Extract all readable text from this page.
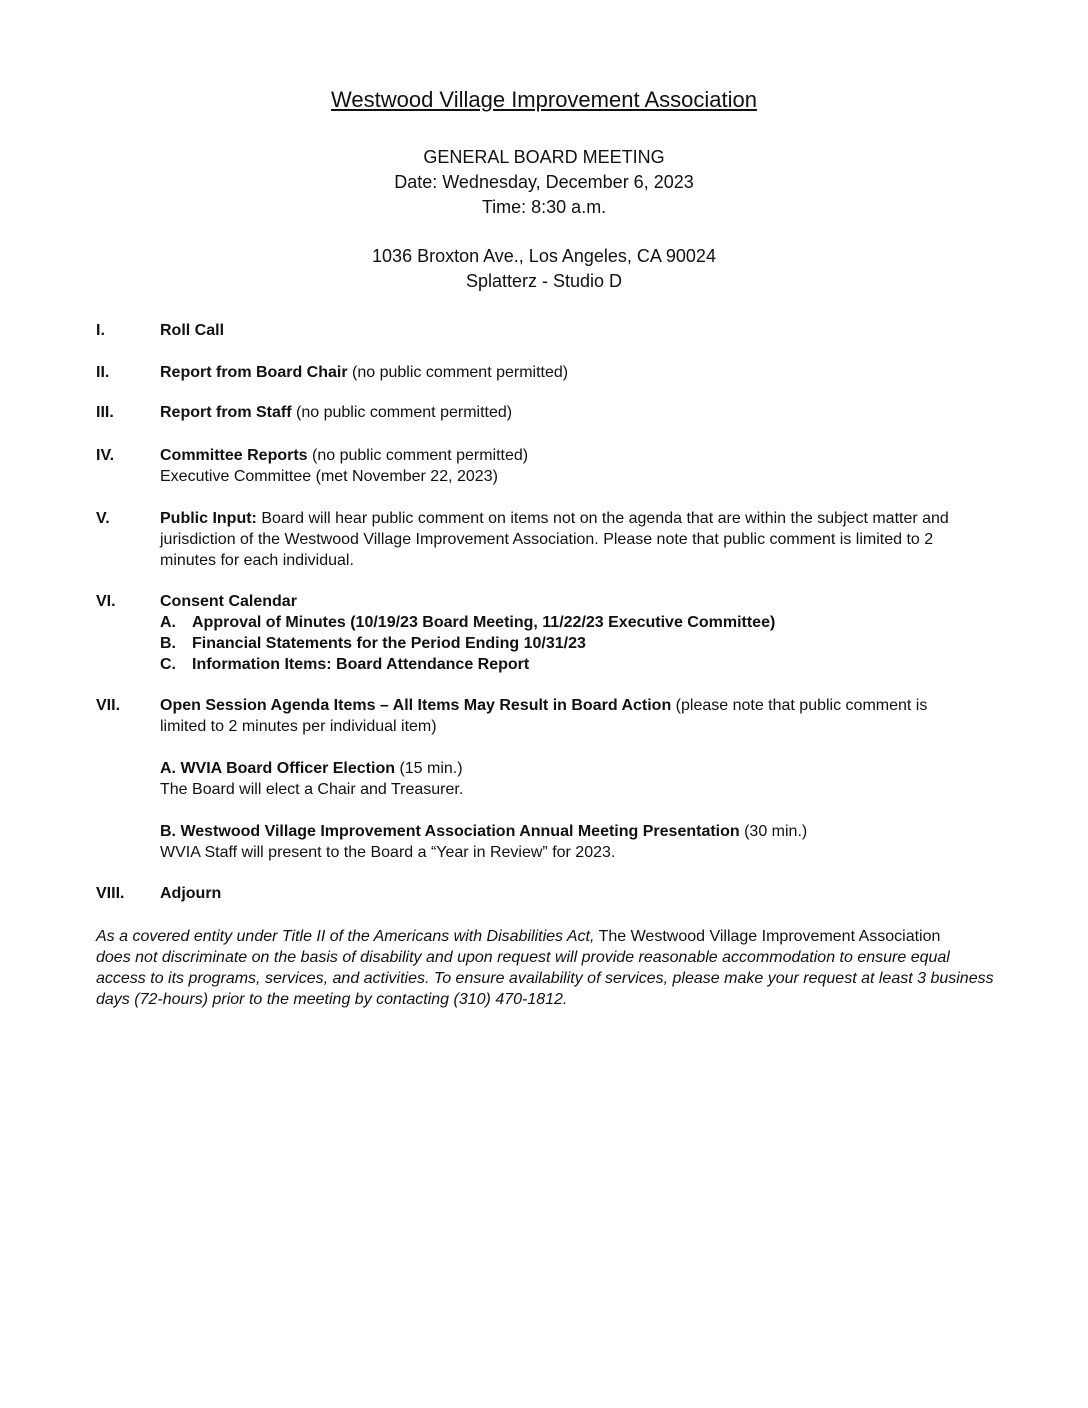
Westwood Village Improvement Association
GENERAL BOARD MEETING
Date: Wednesday, December 6, 2023
Time: 8:30 a.m.
1036 Broxton Ave., Los Angeles, CA 90024
Splatterz - Studio D
I.	Roll Call
II.	Report from Board Chair (no public comment permitted)
III.	Report from Staff (no public comment permitted)
IV.	Committee Reports (no public comment permitted)
Executive Committee (met November 22, 2023)
V.	Public Input: Board will hear public comment on items not on the agenda that are within the subject matter and
jurisdiction of the Westwood Village Improvement Association. Please note that public comment is limited to 2
minutes for each individual.
VI.	Consent Calendar
A. Approval of Minutes (10/19/23 Board Meeting, 11/22/23 Executive Committee)
B. Financial Statements for the Period Ending 10/31/23
C. Information Items: Board Attendance Report
VII.	Open Session Agenda Items – All Items May Result in Board Action (please note that public comment is
limited to 2 minutes per individual item)
A. WVIA Board Officer Election (15 min.)
The Board will elect a Chair and Treasurer.
B. Westwood Village Improvement Association Annual Meeting Presentation (30 min.)
WVIA Staff will present to the Board a “Year in Review” for 2023.
VIII.	Adjourn
As a covered entity under Title II of the Americans with Disabilities Act, The Westwood Village Improvement Association
does not discriminate on the basis of disability and upon request will provide reasonable accommodation to ensure equal
access to its programs, services, and activities. To ensure availability of services, please make your request at least 3 business
days (72-hours) prior to the meeting by contacting (310) 470-1812.
